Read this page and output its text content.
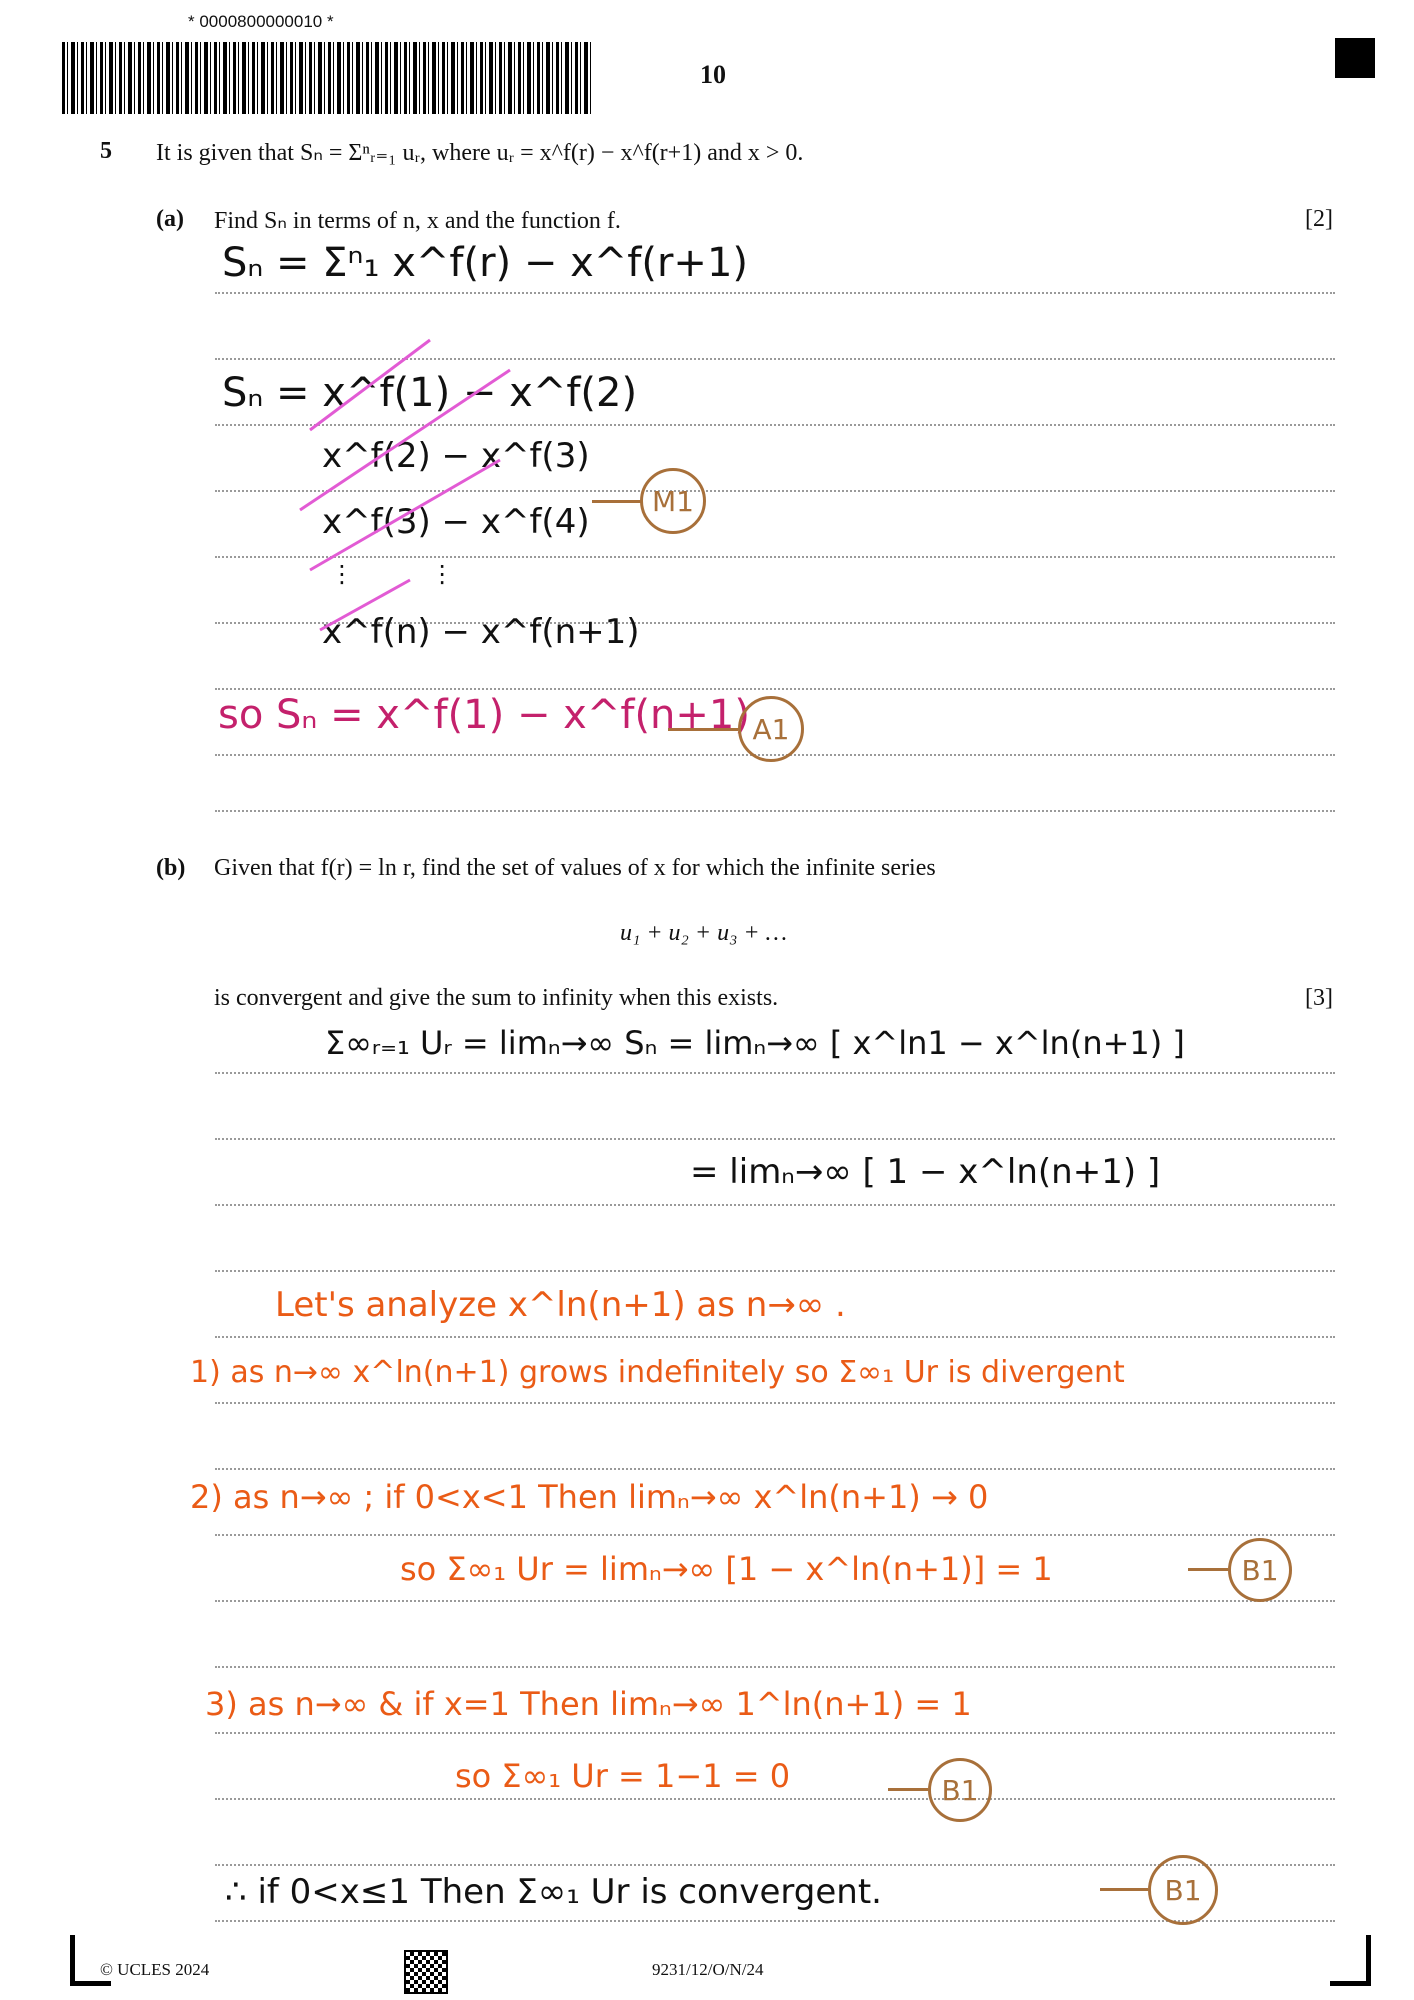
* 0000800000010 *
10
5 It is given that Sₙ = Σⁿᵣ₌₁ uᵣ, where uᵣ = x^f(r) − x^f(r+1) and x > 0.
(a) Find Sₙ in terms of n, x and the function f.	[2]
Sₙ = Σⁿ₁ x^f(r) − x^f(r+1)
Sₙ = x^f(1) − x^f(2)
x^f(2) − x^f(3)
x^f(3) − x^f(4)
⋮          ⋮
x^f(n) − x^f(n+1)
so Sₙ = x^f(1) − x^f(n+1)
M1
A1
(b) Given that f(r) = ln r, find the set of values of x for which the infinite series
u₁ + u₂ + u₃ + …
is convergent and give the sum to infinity when this exists.	[3]
Σ∞ᵣ₌₁ Uᵣ = limₙ→∞ Sₙ = limₙ→∞ [ x^ln1 − x^ln(n+1) ]
= limₙ→∞ [ 1 − x^ln(n+1) ]
Let's analyze x^ln(n+1) as n→∞ .
1) as n→∞ x^ln(n+1) grows indefinitely so Σ∞₁ Ur is divergent
2) as n→∞ ; if 0<x<1 Then limₙ→∞ x^ln(n+1) → 0
so Σ∞₁ Ur = limₙ→∞ [1 − x^ln(n+1)] = 1
3) as n→∞ & if x=1 Then limₙ→∞ 1^ln(n+1) = 1
so Σ∞₁ Ur = 1−1 = 0
∴ if 0<x≤1 Then Σ∞₁ Ur is convergent.
B1
B1
B1
© UCLES 2024	9231/12/O/N/24
